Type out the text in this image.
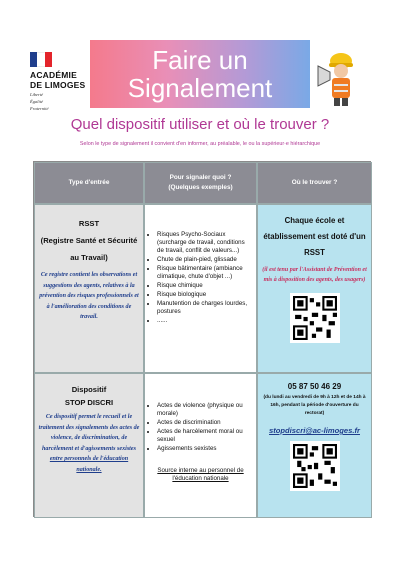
ACADÉMIE
DE LIMOGES
Liberté
Égalité
Fraternité
Faire un
Signalement
Quel dispositif utiliser et où le trouver ?
Selon le type de signalement il convient d'en informer, au préalable, le ou la supérieur·e hiérarchique
Type d'entrée
Pour signaler quoi ?
(Quelques exemples)
Où le trouver ?
RSST
(Registre Santé et Sécurité au Travail)
Ce registre contient les observations et suggestions des agents, relatives à la prévention des risques professionnels et à l'amélioration des conditions de travail.
• Risques Psycho-Sociaux (surcharge de travail, conditions de travail, conflit de valeurs...)
• Chute de plain-pied, glissade
• Risque bâtimentaire (ambiance climatique, chute d'objet ...)
• Risque chimique
• Risque biologique
• Manutention de charges lourdes, postures
• ......
Chaque école et établissement est doté d'un RSST
(il est tenu par l'Assistant de Prévention et mis à disposition des agents, des usagers)
Dispositif
STOP DISCRI
Ce dispositif permet le recueil et le traitement des signalements des actes de violence, de discrimination, de harcèlement et d'agissements sexistes entre personnels de l'éducation nationale.
• Actes de violence (physique ou morale)
• Actes de discrimination
• Actes de harcèlement moral ou sexuel
• Agissements sexistes
Source interne au personnel de l'éducation nationale
05 87 50 46 29
(du lundi au vendredi de 9h à 12h et de 14h à 16h, pendant la période d'ouverture du rectorat)
stopdiscri@ac-limoges.fr
